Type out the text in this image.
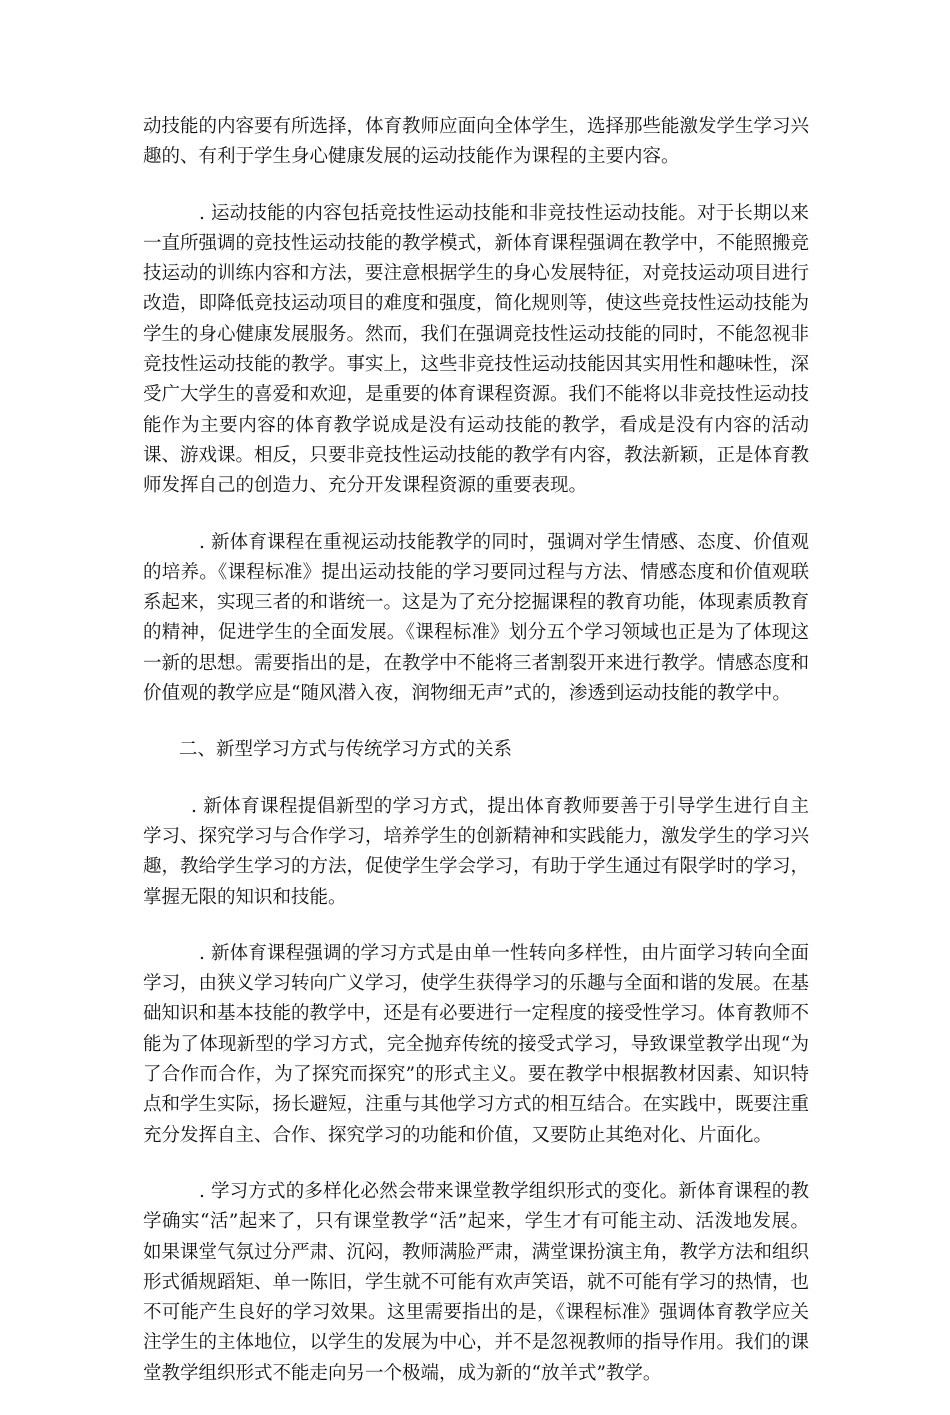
动技能的内容要有所选择，体育教师应面向全体学生，选择那些能激发学生学习兴趣的、有利于学生身心健康发展的运动技能作为课程的主要内容。

. 运动技能的内容包括竞技性运动技能和非竞技性运动技能。对于长期以来一直所强调的竞技性运动技能的教学模式，新体育课程强调在教学中，不能照搬竞技运动的训练内容和方法，要注意根据学生的身心发展特征，对竞技运动项目进行改造，即降低竞技运动项目的难度和强度，简化规则等，使这些竞技性运动技能为学生的身心健康发展服务。然而，我们在强调竞技性运动技能的同时，不能忽视非竞技性运动技能的教学。事实上，这些非竞技性运动技能因其实用性和趣味性，深受广大学生的喜爱和欢迎，是重要的体育课程资源。我们不能将以非竞技性运动技能作为主要内容的体育教学说成是没有运动技能的教学，看成是没有内容的活动课、游戏课。相反，只要非竞技性运动技能的教学有内容，教法新颖，正是体育教师发挥自己的创造力、充分开发课程资源的重要表现。

. 新体育课程在重视运动技能教学的同时，强调对学生情感、态度、价值观的培养。《课程标准》提出运动技能的学习要同过程与方法、情感态度和价值观联系起来，实现三者的和谐统一。这是为了充分挖掘课程的教育功能，体现素质教育的精神，促进学生的全面发展。《课程标准》划分五个学习领域也正是为了体现这一新的思想。需要指出的是，在教学中不能将三者割裂开来进行教学。情感态度和价值观的教学应是“随风潜入夜，润物细无声”式的，渗透到运动技能的教学中。

二、新型学习方式与传统学习方式的关系

. 新体育课程提倡新型的学习方式，提出体育教师要善于引导学生进行自主学习、探究学习与合作学习，培养学生的创新精神和实践能力，激发学生的学习兴趣，教给学生学习的方法，促使学生学会学习，有助于学生通过有限学时的学习，掌握无限的知识和技能。

. 新体育课程强调的学习方式是由单一性转向多样性，由片面学习转向全面学习，由狭义学习转向广义学习，使学生获得学习的乐趣与全面和谐的发展。在基础知识和基本技能的教学中，还是有必要进行一定程度的接受性学习。体育教师不能为了体现新型的学习方式，完全抛弃传统的接受式学习，导致课堂教学出现“为了合作而合作，为了探究而探究”的形式主义。要在教学中根据教材因素、知识特点和学生实际，扬长避短，注重与其他学习方式的相互结合。在实践中，既要注重充分发挥自主、合作、探究学习的功能和价值，又要防止其绝对化、片面化。

. 学习方式的多样化必然会带来课堂教学组织形式的变化。新体育课程的教学确实“活”起来了，只有课堂教学“活”起来，学生才有可能主动、活泼地发展。如果课堂气氛过分严肃、沉闷，教师满脸严肃，满堂课扮演主角，教学方法和组织形式循规蹈矩、单一陈旧，学生就不可能有欢声笑语，就不可能有学习的热情，也不可能产生良好的学习效果。这里需要指出的是，《课程标准》强调体育教学应关注学生的主体地位，以学生的发展为中心，并不是忽视教师的指导作用。我们的课堂教学组织形式不能走向另一个极端，成为新的“放羊式”教学。
